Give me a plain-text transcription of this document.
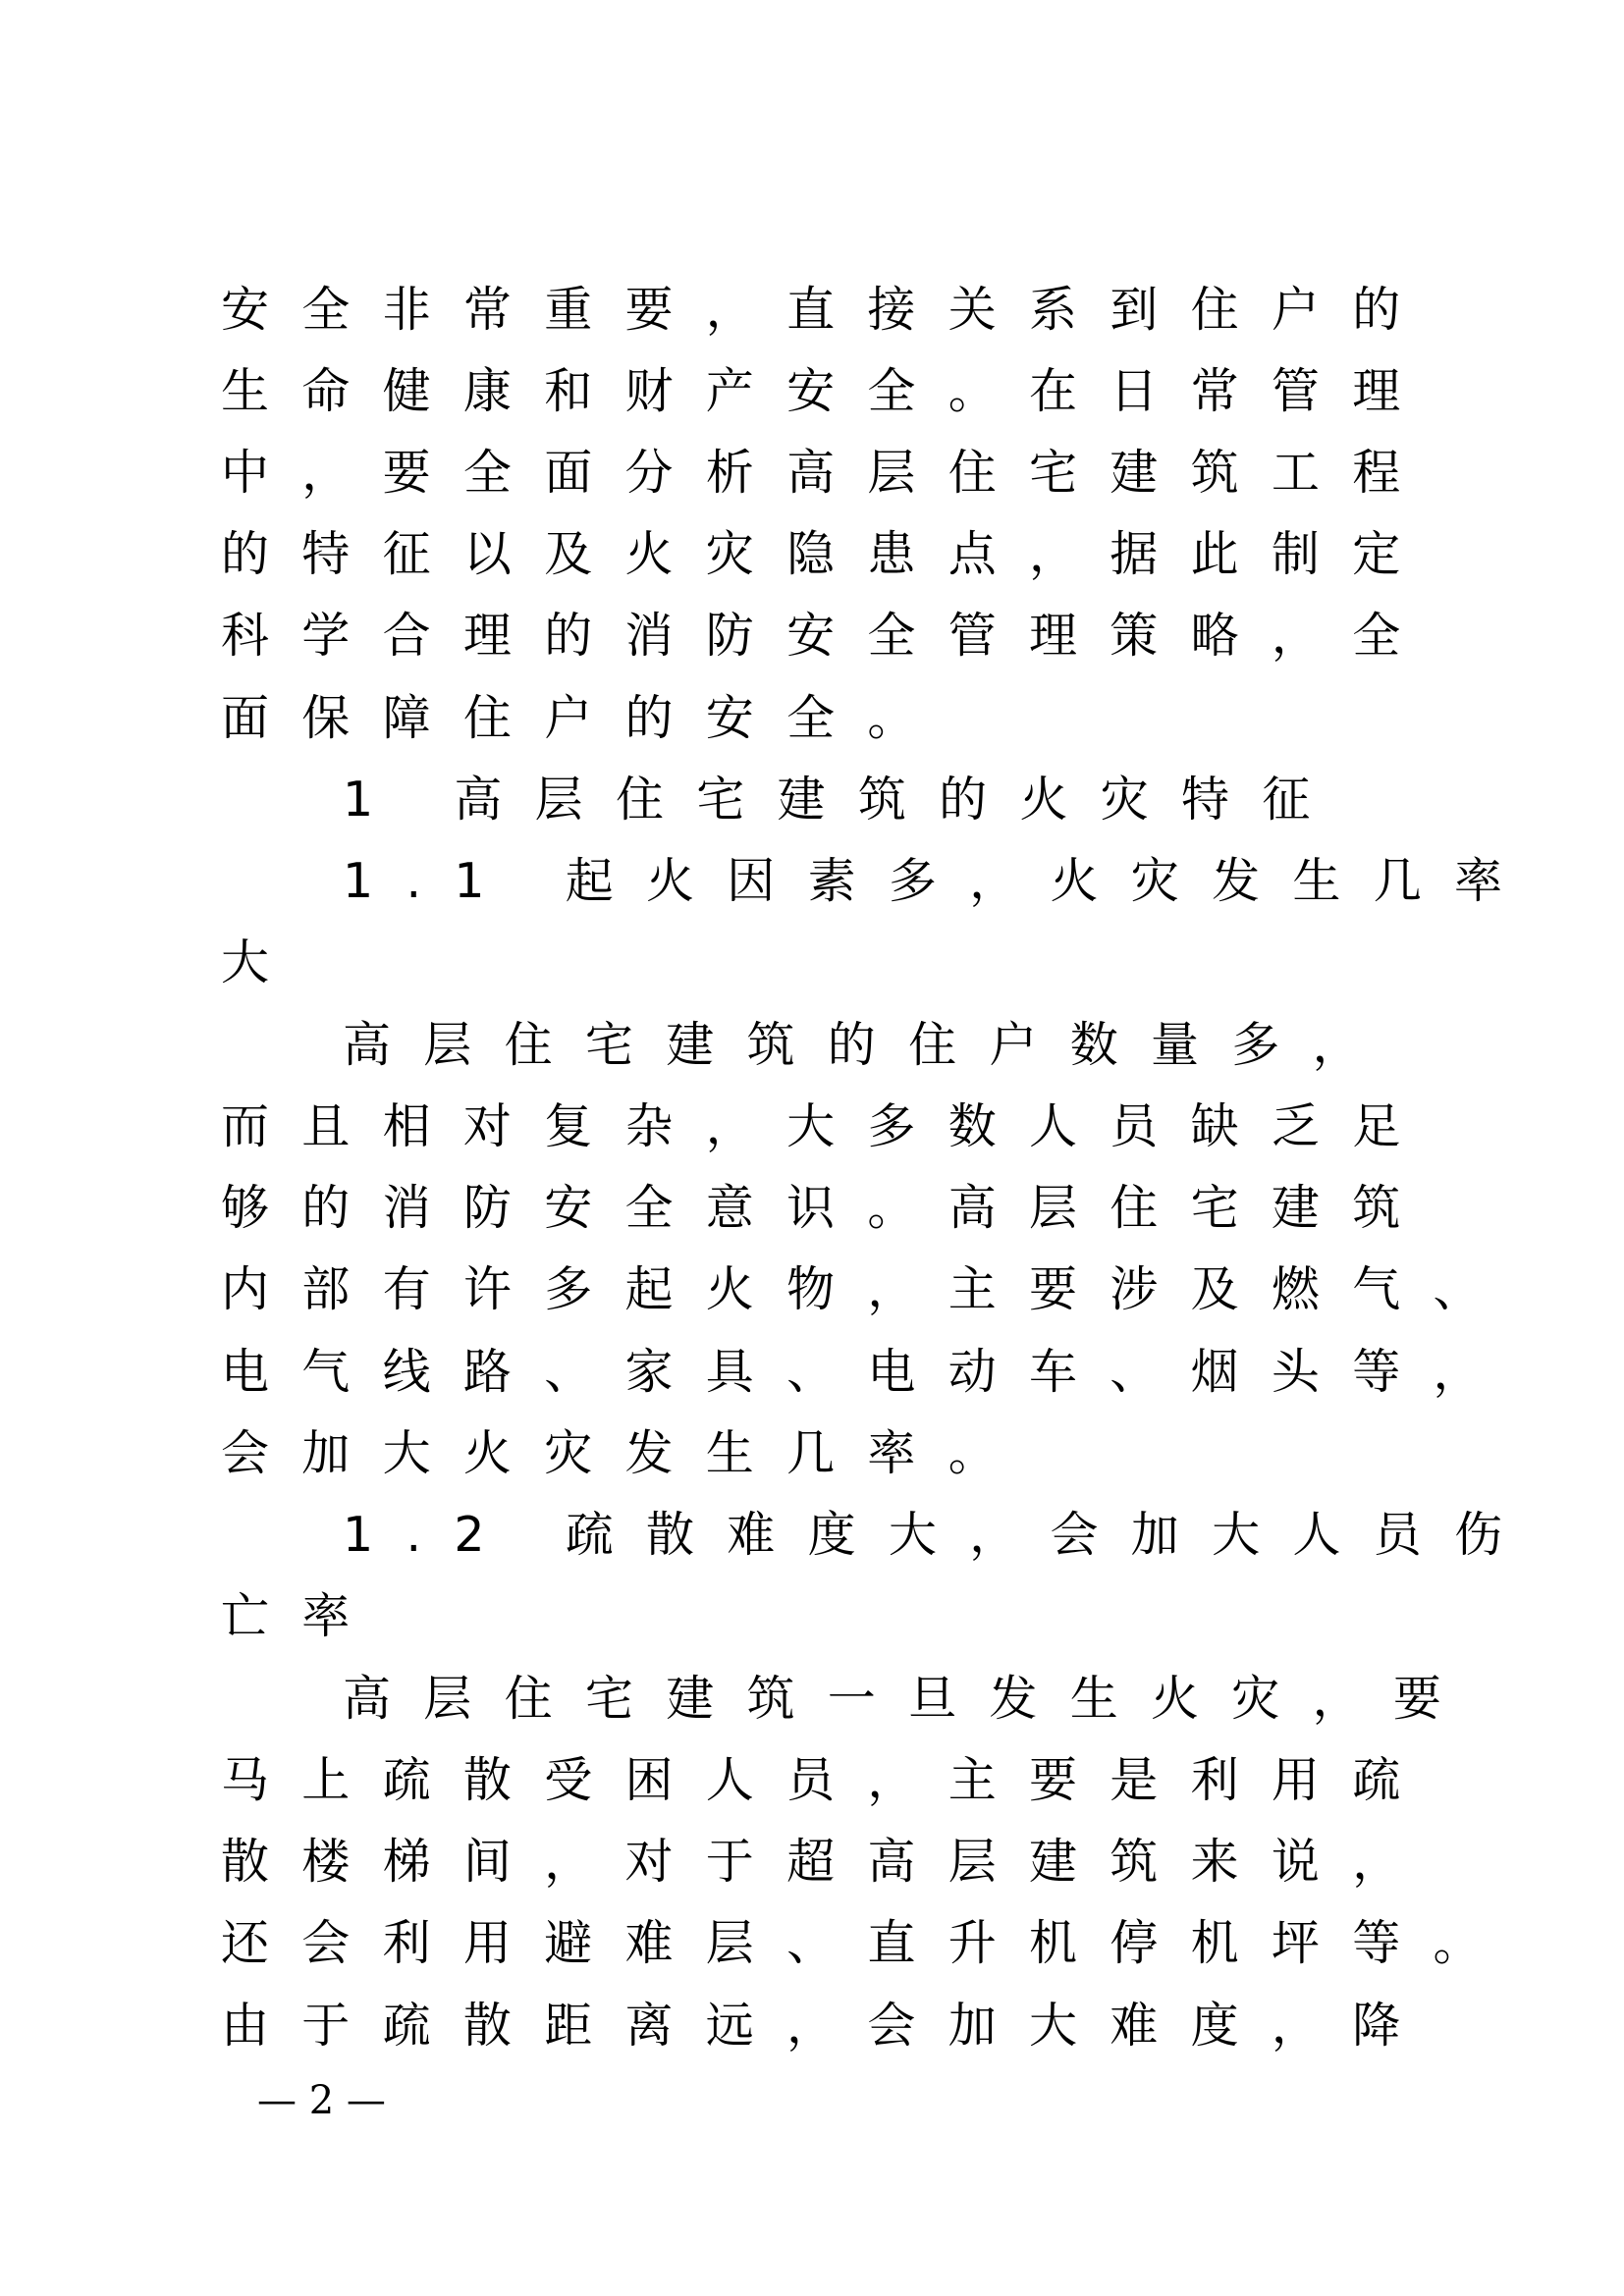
安全非常重要，直接关系到住户的
生命健康和财产安全。在日常管理
中，要全面分析高层住宅建筑工程
的特征以及火灾隐患点，据此制定
科学合理的消防安全管理策略，全
面保障住户的安全。
1 高层住宅建筑的火灾特征
1.1 起火因素多，火灾发生几率
大
高层住宅建筑的住户数量多，
而且相对复杂，大多数人员缺乏足
够的消防安全意识。高层住宅建筑
内部有许多起火物，主要涉及燃气、
电气线路、家具、电动车、烟头等，
会加大火灾发生几率。
1.2 疏散难度大，会加大人员伤
亡率
高层住宅建筑一旦发生火灾，要
马上疏散受困人员，主要是利用疏
散楼梯间，对于超高层建筑来说，
还会利用避难层、直升机停机坪等。
由于疏散距离远，会加大难度，降
— 2 —
